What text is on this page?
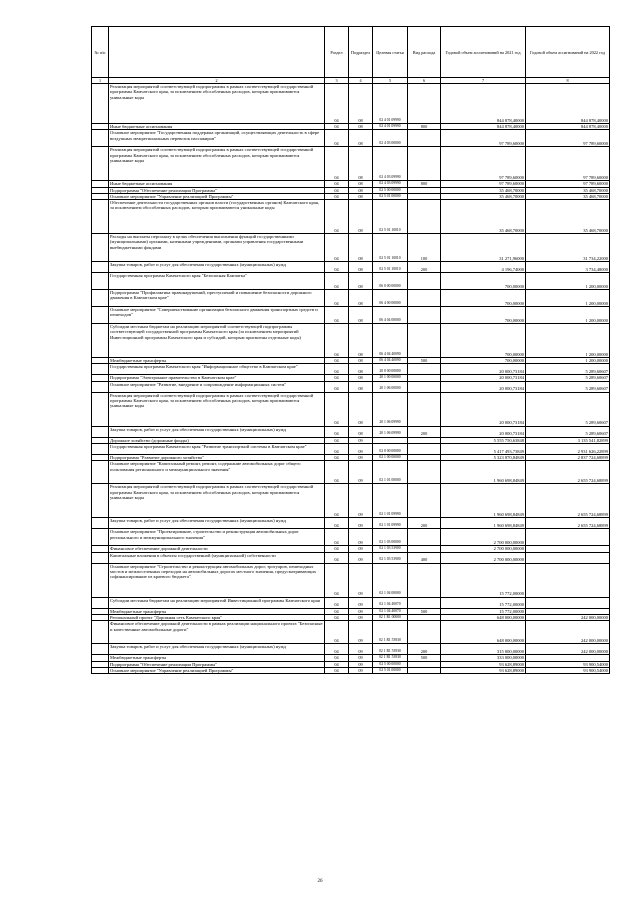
№ п/п		Раздел	Подраздел	Целевая статья	Вид расхода	Годовой объем ассигнований на 2021 год	Годовой объем ассигнований на 2022 год
1	2	3	4	5	6	7	8
	Реализация мероприятий соответствующей подпрограммы в рамках соответствующей государственной программы Камчатского края, за исключением обособленных расходов, которым присваиваются уникальные коды	04	08	02 4 01 09990		844 878,40000	844 878,40000
	Иные бюджетные ассигнования	04	08	02 4 01 09990	800	844 878,40000	844 878,40000
	Основное мероприятие "Государственная поддержка организаций, осуществляющих деятельность в сфере воздушных межрегиональных перевозок пассажиров"	04	08	02 4 03 00000		97 789,60000	97 789,60000
	Реализация мероприятий соответствующей подпрограммы в рамках соответствующей государственной программы Камчатского края, за исключением обособленных расходов, которым присваиваются уникальные коды	04	08	02 4 03 09990		97 789,60000	97 789,60000
	Иные бюджетные ассигнования	04	08	02 4 03 09990	800	97 789,60000	97 789,60000
	Подпрограмма "Обеспечение реализации Программы"	04	08	02 5 00 00000		35 468,70000	35 468,70000
	Основное мероприятие "Управление реализацией Программы"	04	08	02 5 01 00000		35 468,70000	35 468,70000
	Обеспечение деятельности государственных органов власти (государственных органов) Камчатского края, за исключением обособленных расходов, которым присваиваются уникальные коды	04	08	02 5 01 10010		35 468,70000	35 468,70000
	Расходы на выплаты персоналу в целях обеспечения выполнения функций государственными (муниципальными) органами, казенными учреждениями, органами управления государственными внебюджетными фондами	04	08	02 5 01 10010	100	31 271,96000	31 734,22000
	Закупка товаров, работ и услуг для обеспечения государственных (муниципальных) нужд	04	08	02 5 01 10010	200	4 196,74000	3 734,48000
	Государственная программа Камчатского края "Безопасная Камчатка"	04	08	06 0 00 00000		700,00000	1 200,00000
	Подпрограмма "Профилактика правонарушений, преступлений и повышение безопасности дорожного движения в Камчатском крае"	04	08	06 4 00 00000		700,00000	1 200,00000
	Основное мероприятие "Совершенствование организации безопасного движения транспортных средств и пешеходов"	04	08	06 4 04 00000		700,00000	1 200,00000
	Субсидии местным бюджетам на реализацию мероприятий соответствующей подпрограммы соответствующей государственной программы Камчатского края (за исключением мероприятий Инвестиционной программы Камчатского края и субсидий, которым присвоены отдельные коды)	04	08	06 4 04 40090		700,00000	1 200,00000
	Межбюджетные трансферты	04	08	06 4 04 40090	500	700,00000	1 200,00000
	Государственная программа Камчатского края "Информационное общество в Камчатском крае"	04	08	20 0 00 00000		20 000,73184	5 289,60607
	Подпрограмма "Электронное правительство в Камчатском крае"	04	08	20 1 00 00000		20 000,73184	5 289,60607
	Основное мероприятие "Развитие, внедрение и сопровождение информационных систем"	04	08	20 1 06 00000		20 000,73184	5 289,60607
	Реализация мероприятий соответствующей подпрограммы в рамках соответствующей государственной программы Камчатского края, за исключением обособленных расходов, которым присваиваются уникальные коды	04	08	20 1 06 09990		20 000,73184	5 289,60607
	Закупка товаров, работ и услуг для обеспечения государственных (муниципальных) нужд	04	08	20 1 06 09990	200	20 000,73184	5 289,60607
	Дорожное хозяйство (дорожные фонды)	04	09			5 555 750,63848	3 135 541,82899
	Государственная программа Камчатского края "Развитие транспортной системы в Камчатском крае"	04	09	02 0 00 00000		5 417 493,73849	2 931 626,22899
	Подпрограмма "Развитие дорожного хозяйства"	04	09	02 1 00 00000		5 323 870,84849	2 837 724,68899
	Основное мероприятие "Капитальный ремонт, ремонт, содержание автомобильных дорог общего пользования регионального и межмуниципального значения"	04	09	02 1 01 00000		1 960 698,84849	2 655 724,68899
	Реализация мероприятий соответствующей подпрограммы в рамках соответствующей государственной программы Камчатского края, за исключением обособленных расходов, которым присваиваются уникальные коды	04	09	02 1 01 09990		1 960 698,84849	2 655 724,68899
	Закупка товаров, работ и услуг для обеспечения государственных (муниципальных) нужд	04	09	02 1 01 09990	200	1 960 698,84849	2 655 724,68899
	Основное мероприятие "Проектирование, строительство и реконструкция автомобильных дорог регионального и межмуниципального значения"	04	09	02 1 03 00000		2 700 000,00000	
	Финансовое обеспечение дорожной деятельности	04	09	02 1 03 53900		2 700 000,00000	
	Капитальные вложения в объекты государственной (муниципальной) собственности	04	09	02 1 03 53900	400	2 700 000,00000	
	Основное мероприятие "Строительство и реконструкция автомобильных дорог, тротуаров, пешеходных мостов и межпоселенных переходов на автомобильных дорогах местного значения, предусматривающих софинансирование из краевого бюджета"	04	09	02 1 04 00000		15 772,00000	
	Субсидии местным бюджетам на реализацию мероприятий Инвестиционной программы Камчатского края	04	09	02 1 04 40070		15 772,00000	
	Межбюджетные трансферты	04	09	02 1 04 40070	500	15 772,00000	
	Региональный проект "Дорожная сеть Камчатского края"	04	09	02 1 R1 00000		648 000,00000	242 000,00000
	Финансовое обеспечение дорожной деятельности в рамках реализации национального проекта "Безопасные и качественные автомобильные дороги"	04	09	02 1 R1 53930		648 000,00000	242 000,00000
	Закупка товаров, работ и услуг для обеспечения государственных (муниципальных) нужд	04	09	02 1 R1 53930	200	315 000,00000	242 000,00000
	Межбюджетные трансферты	04	09	02 1 R1 53930	500	333 000,00000	
	Подпрограмма "Обеспечение реализации Программы"	04	09	02 5 00 00000		93 628,89000	93 900,54000
	Основное мероприятие "Управление реализацией Программы"	04	09	02 5 01 00000		93 628,89000	93 900,54000
26
